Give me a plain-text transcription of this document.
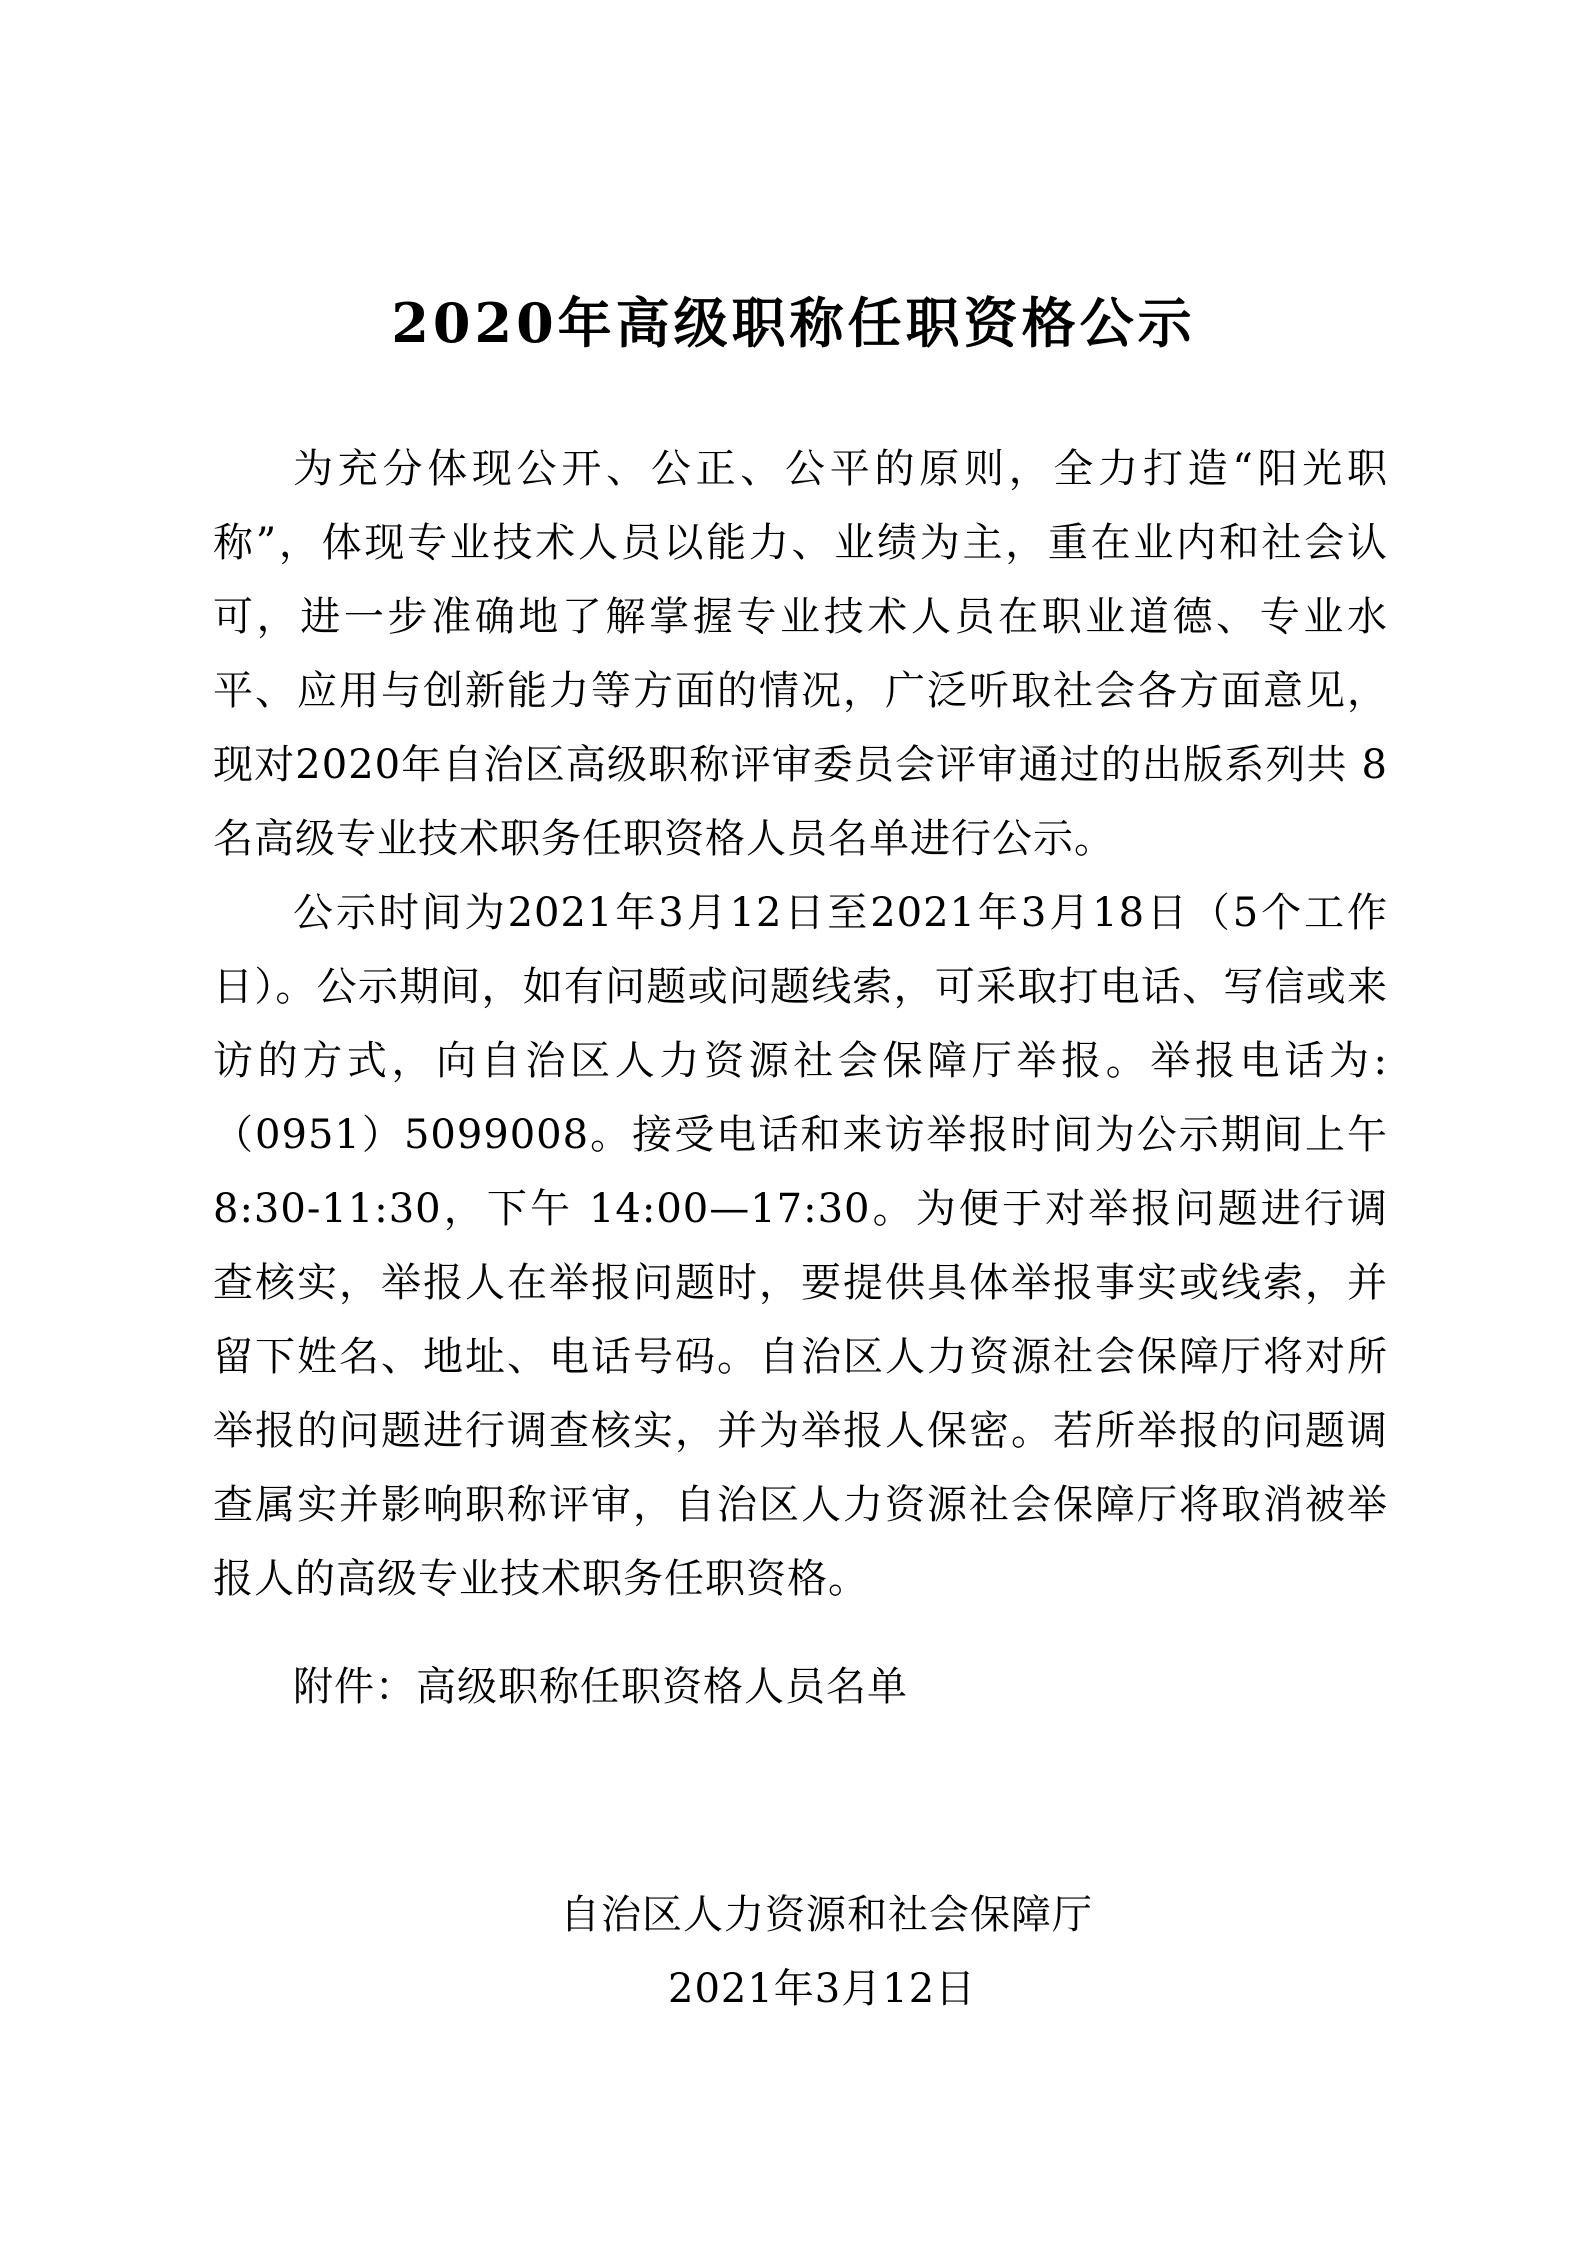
2020年高级职称任职资格公示

为充分体现公开、公正、公平的原则，全力打造“阳光职称”，体现专业技术人员以能力、业绩为主，重在业内和社会认可，进一步准确地了解掌握专业技术人员在职业道德、专业水平、应用与创新能力等方面的情况，广泛听取社会各方面意见，现对2020年自治区高级职称评审委员会评审通过的出版系列共 8 名高级专业技术职务任职资格人员名单进行公示。

公示时间为2021年3月12日至2021年3月18日（5个工作日）。公示期间，如有问题或问题线索，可采取打电话、写信或来访的方式，向自治区人力资源社会保障厅举报。举报电话为:（0951）5099008。接受电话和来访举报时间为公示期间上午8:30-11:30，下午 14:00—17:30。为便于对举报问题进行调查核实，举报人在举报问题时，要提供具体举报事实或线索，并留下姓名、地址、电话号码。自治区人力资源社会保障厅将对所举报的问题进行调查核实，并为举报人保密。若所举报的问题调查属实并影响职称评审，自治区人力资源社会保障厅将取消被举报人的高级专业技术职务任职资格。

附件：高级职称任职资格人员名单
自治区人力资源和社会保障厅
2021年3月12日
